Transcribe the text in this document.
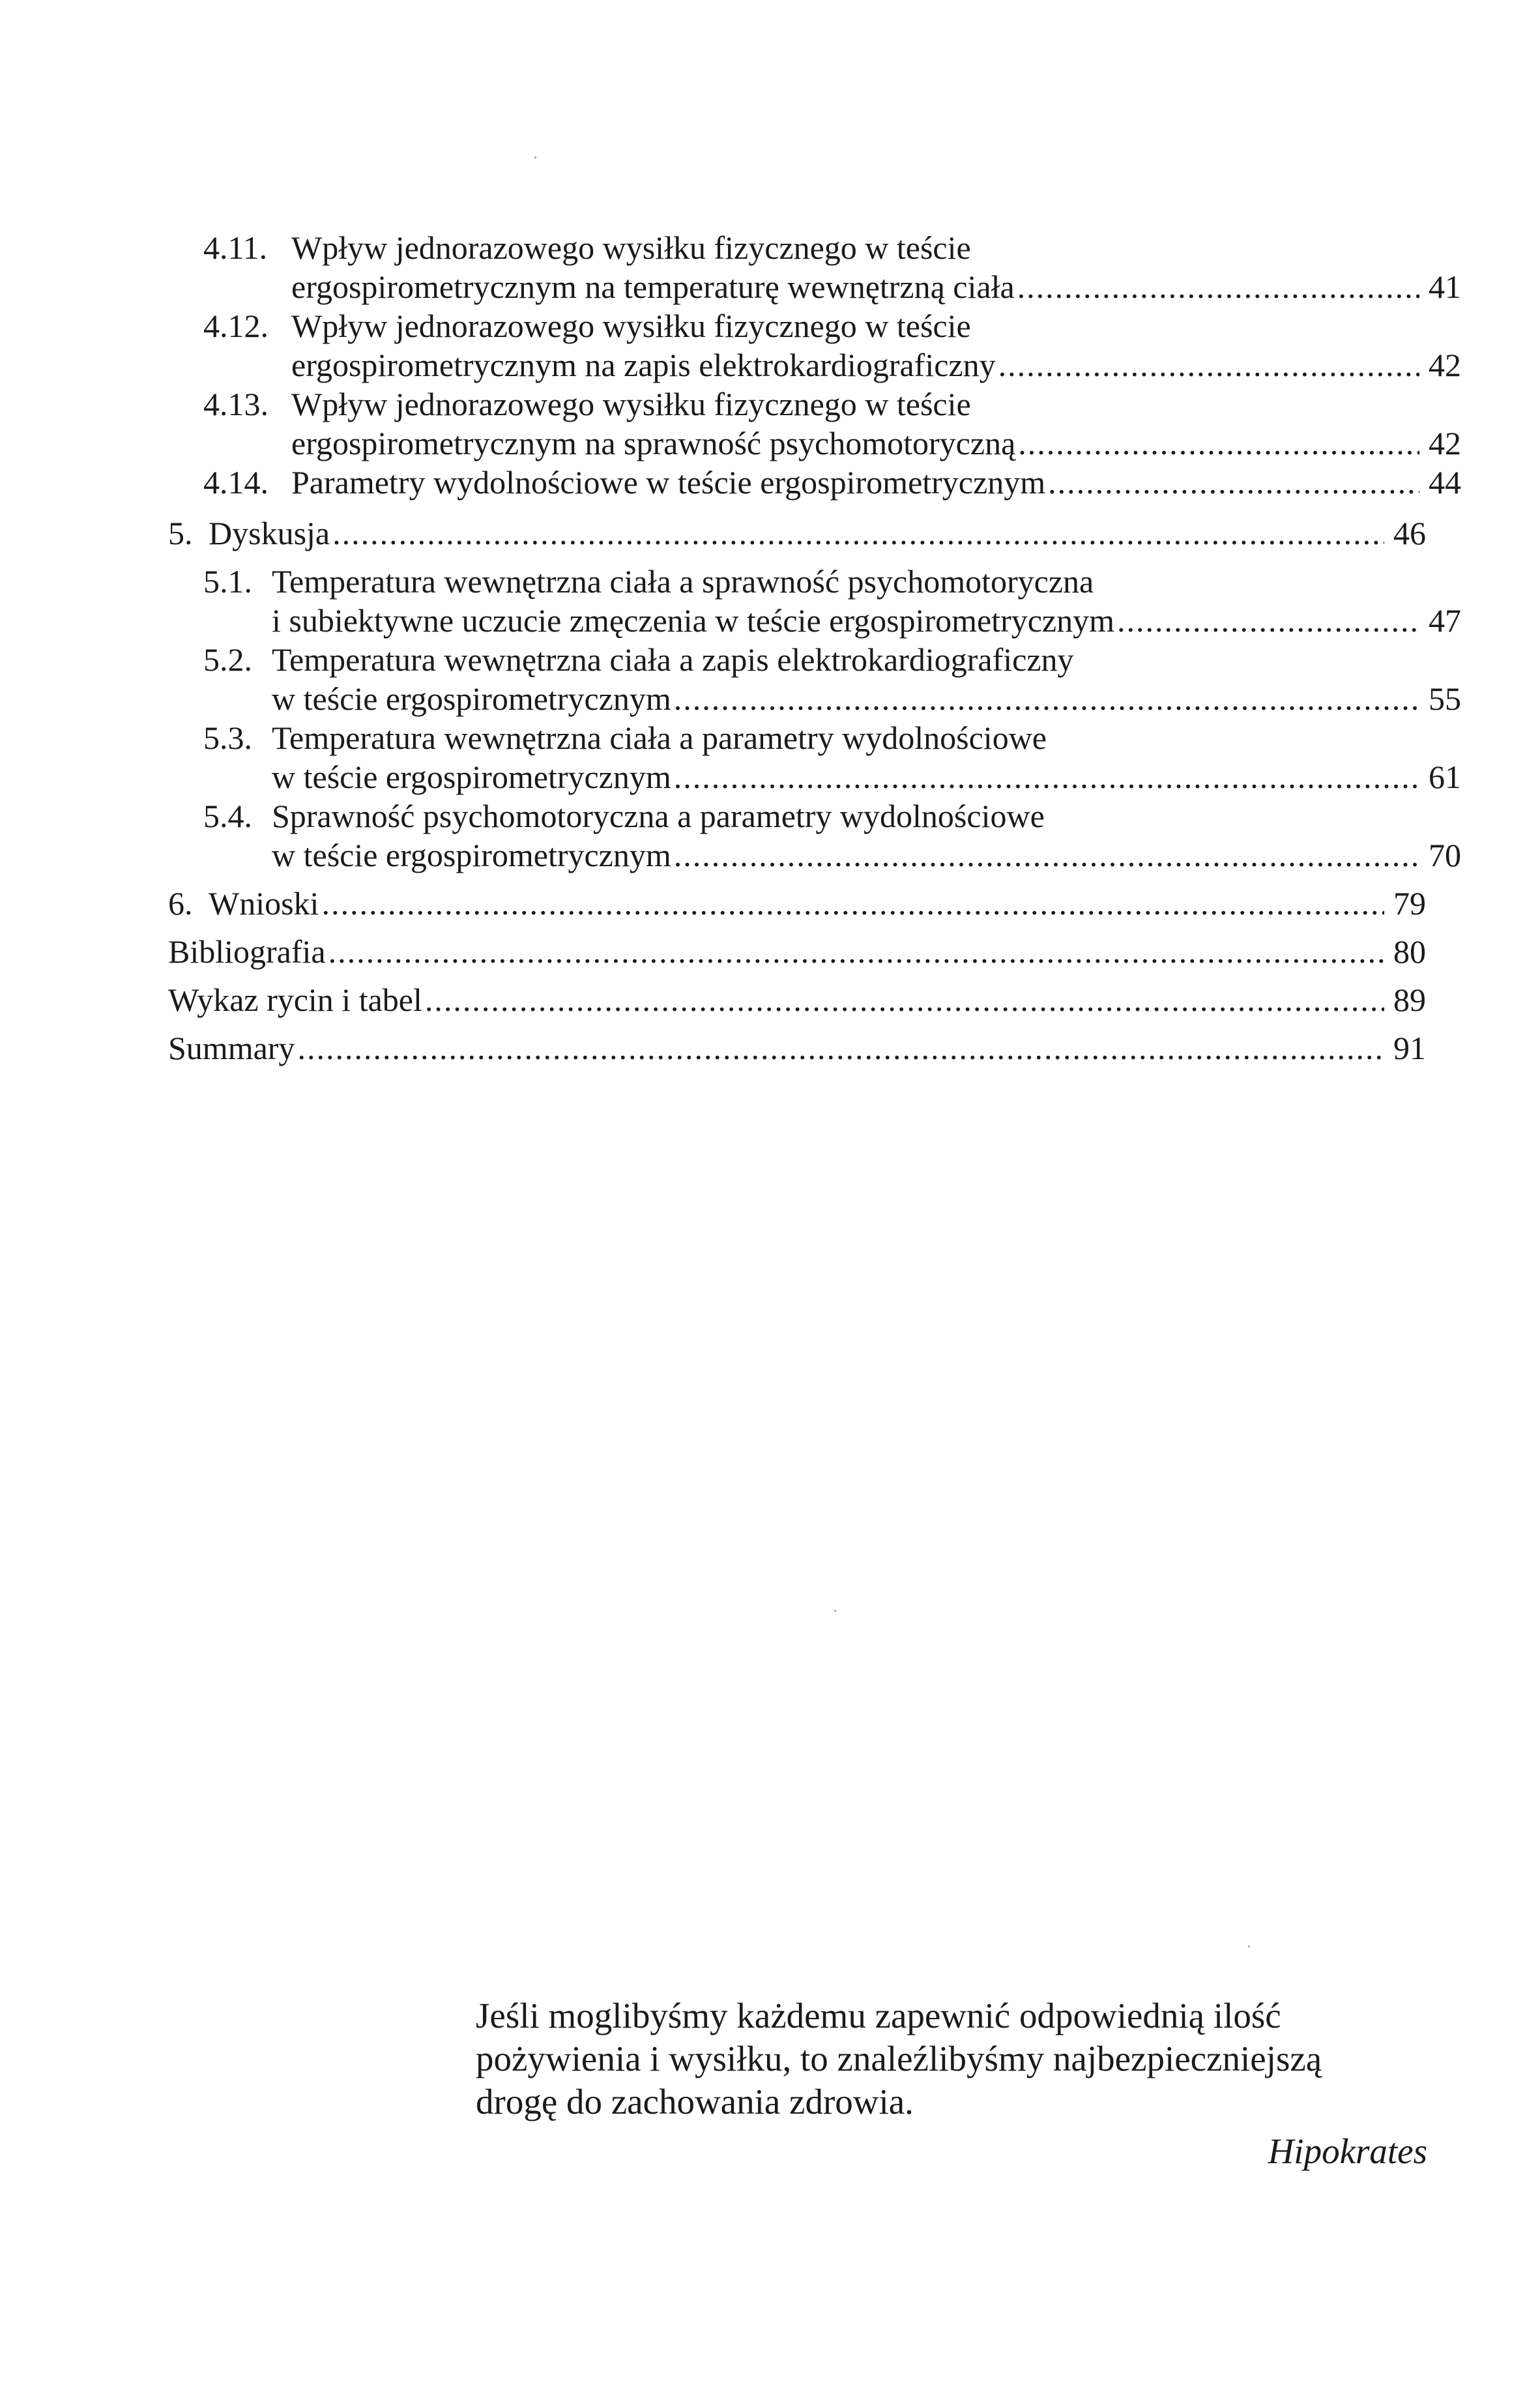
4.11. Wpływ jednorazowego wysiłku fizycznego w teście
ergospirometrycznym na temperaturę wewnętrzną ciała .....	41
4.12. Wpływ jednorazowego wysiłku fizycznego w teście
ergospirometrycznym na zapis elektrokardiograficzny .....	42
4.13. Wpływ jednorazowego wysiłku fizycznego w teście
ergospirometrycznym na sprawność psychomotoryczną .....	42
4.14. Parametry wydolnościowe w teście ergospirometrycznym .....	44
5. Dyskusja .....	46
5.1. Temperatura wewnętrzna ciała a sprawność psychomotoryczna
i subiektywne uczucie zmęczenia w teście ergospirometrycznym .....	47
5.2. Temperatura wewnętrzna ciała a zapis elektrokardiograficzny
w teście ergospirometrycznym .....	55
5.3. Temperatura wewnętrzna ciała a parametry wydolnościowe
w teście ergospirometrycznym .....	61
5.4. Sprawność psychomotoryczna a parametry wydolnościowe
w teście ergospirometrycznym .....	70
6. Wnioski .....	79
Bibliografia .....	80
Wykaz rycin i tabel .....	89
Summary .....	91
Jeśli moglibyśmy każdemu zapewnić odpowiednią ilość
pożywienia i wysiłku, to znaleźlibyśmy najbezpieczniejszą
drogę do zachowania zdrowia.
Hipokrates
